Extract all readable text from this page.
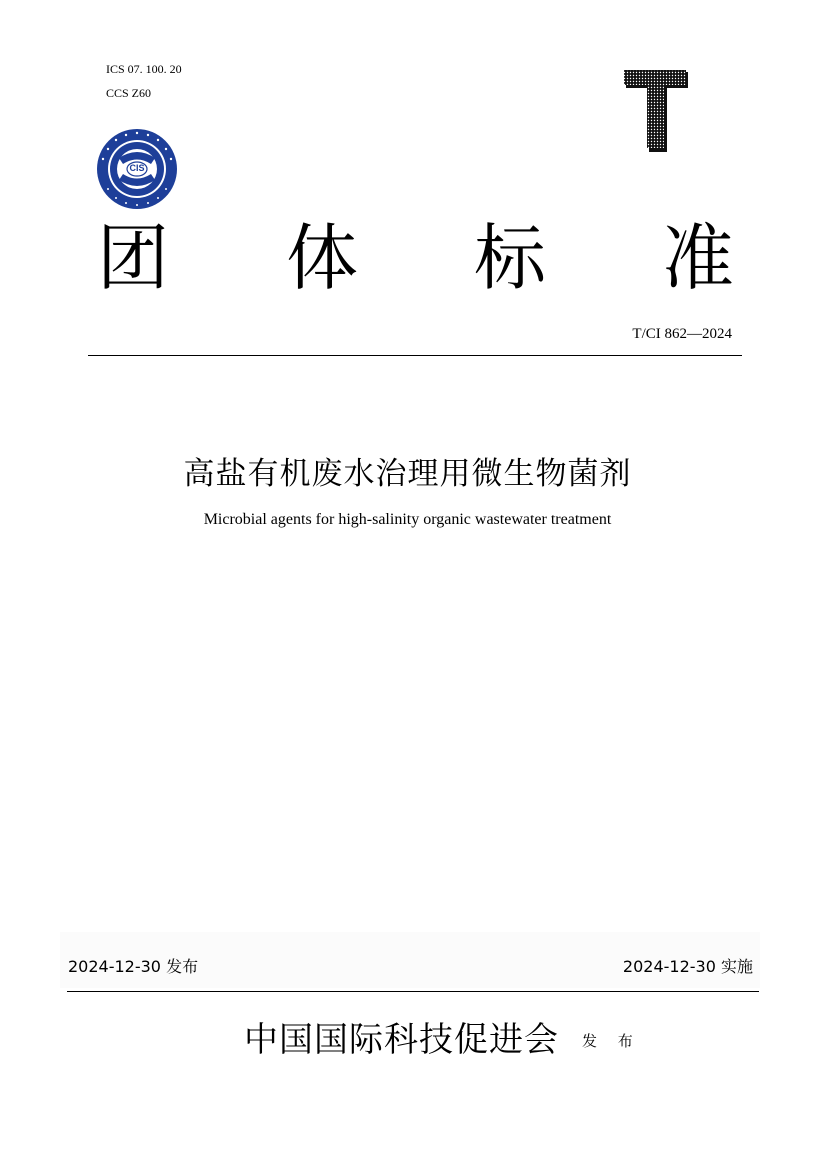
ICS 07. 100. 20
CCS Z60
CIS
团 体 标 准
T/CI 862—2024
高盐有机废水治理用微生物菌剂
Microbial agents for high-salinity organic wastewater treatment
2024-12-30 发布	2024-12-30 实施
中国国际科技促进会 发 布
